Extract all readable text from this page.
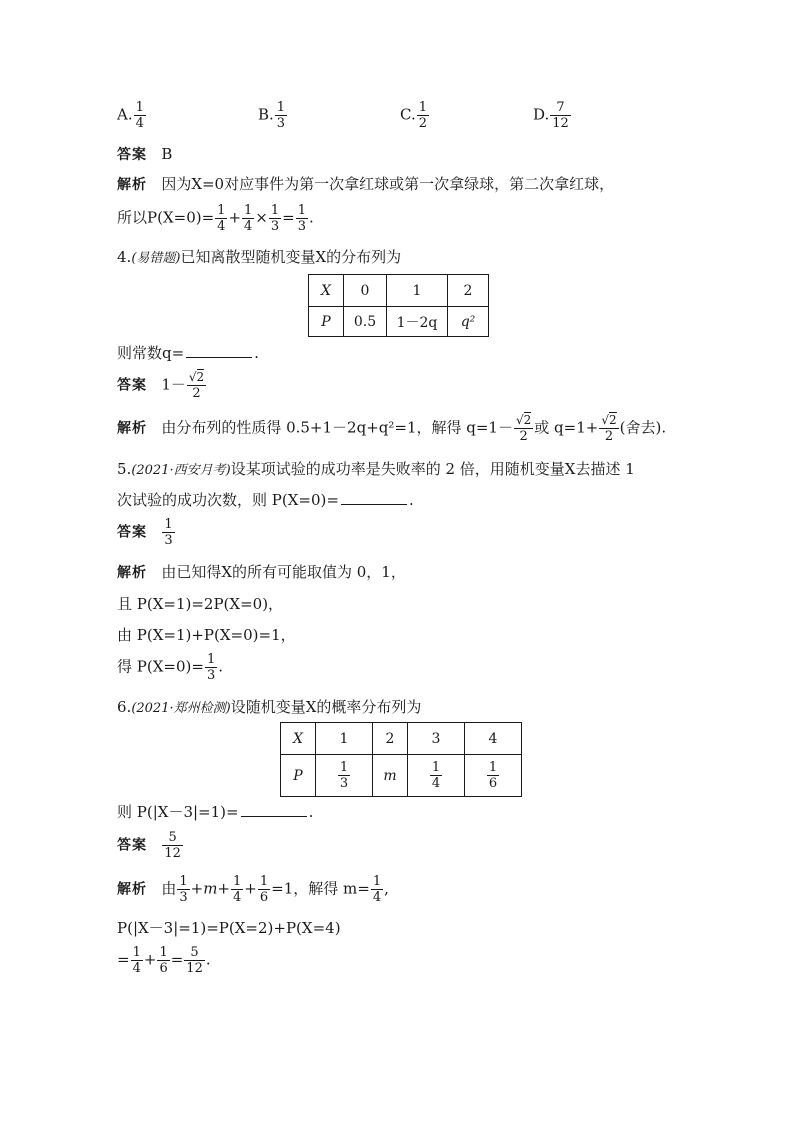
A. $\frac{1}{4}$	B. $\frac{1}{3}$	C. $\frac{1}{2}$	D. $\frac{7}{12}$
答案 B
解析 因为X=0对应事件为第一次拿红球或第一次拿绿球，第二次拿红球，
所以$P(X=0)= \frac{1}{4} + \frac{1}{4} \times \frac{1}{3} = \frac{1}{3}$ .
4.(易错题)已知离散型随机变量X的分布列为
X	0	1	2
P	0.5	1－2q	q²
则常数q=	.
答案 $1- \frac{√2}{2}$
解析 由分布列的性质得 0.5+1－2q+q²=1，解得 $q=1- \frac{√2}{2}$ 或 $q=1+ \frac{√2}{2}$ (舍去).
5.(2021·西安月考)设某项试验的成功率是失败率的 2 倍，用随机变量X去描述 1
次试验的成功次数，则 P(X=0)=	.
答案 $\frac{1}{3}$
解析 由已知得X的所有可能取值为 0，1，
且 P(X=1)=2P(X=0)，
由 P(X=1)+P(X=0)=1，
得 $P(X=0)= \frac{1}{3}$ .
6.(2021·郑州检测)设随机变量X的概率分布列为
X	1	2	3	4
P	$\frac{1}{3}$	m	$\frac{1}{4}$	$\frac{1}{6}$
则 P(|X－3|=1)=	.
答案 $\frac{5}{12}$
解析 由 $\frac{1}{3} +m+ \frac{1}{4} + \frac{1}{6} =1$，解得 $m= \frac{1}{4}$ ,
P(|X－3|=1)=P(X=2)+P(X=4)
= $\frac{1}{4} + \frac{1}{6} = \frac{5}{12}$ .
